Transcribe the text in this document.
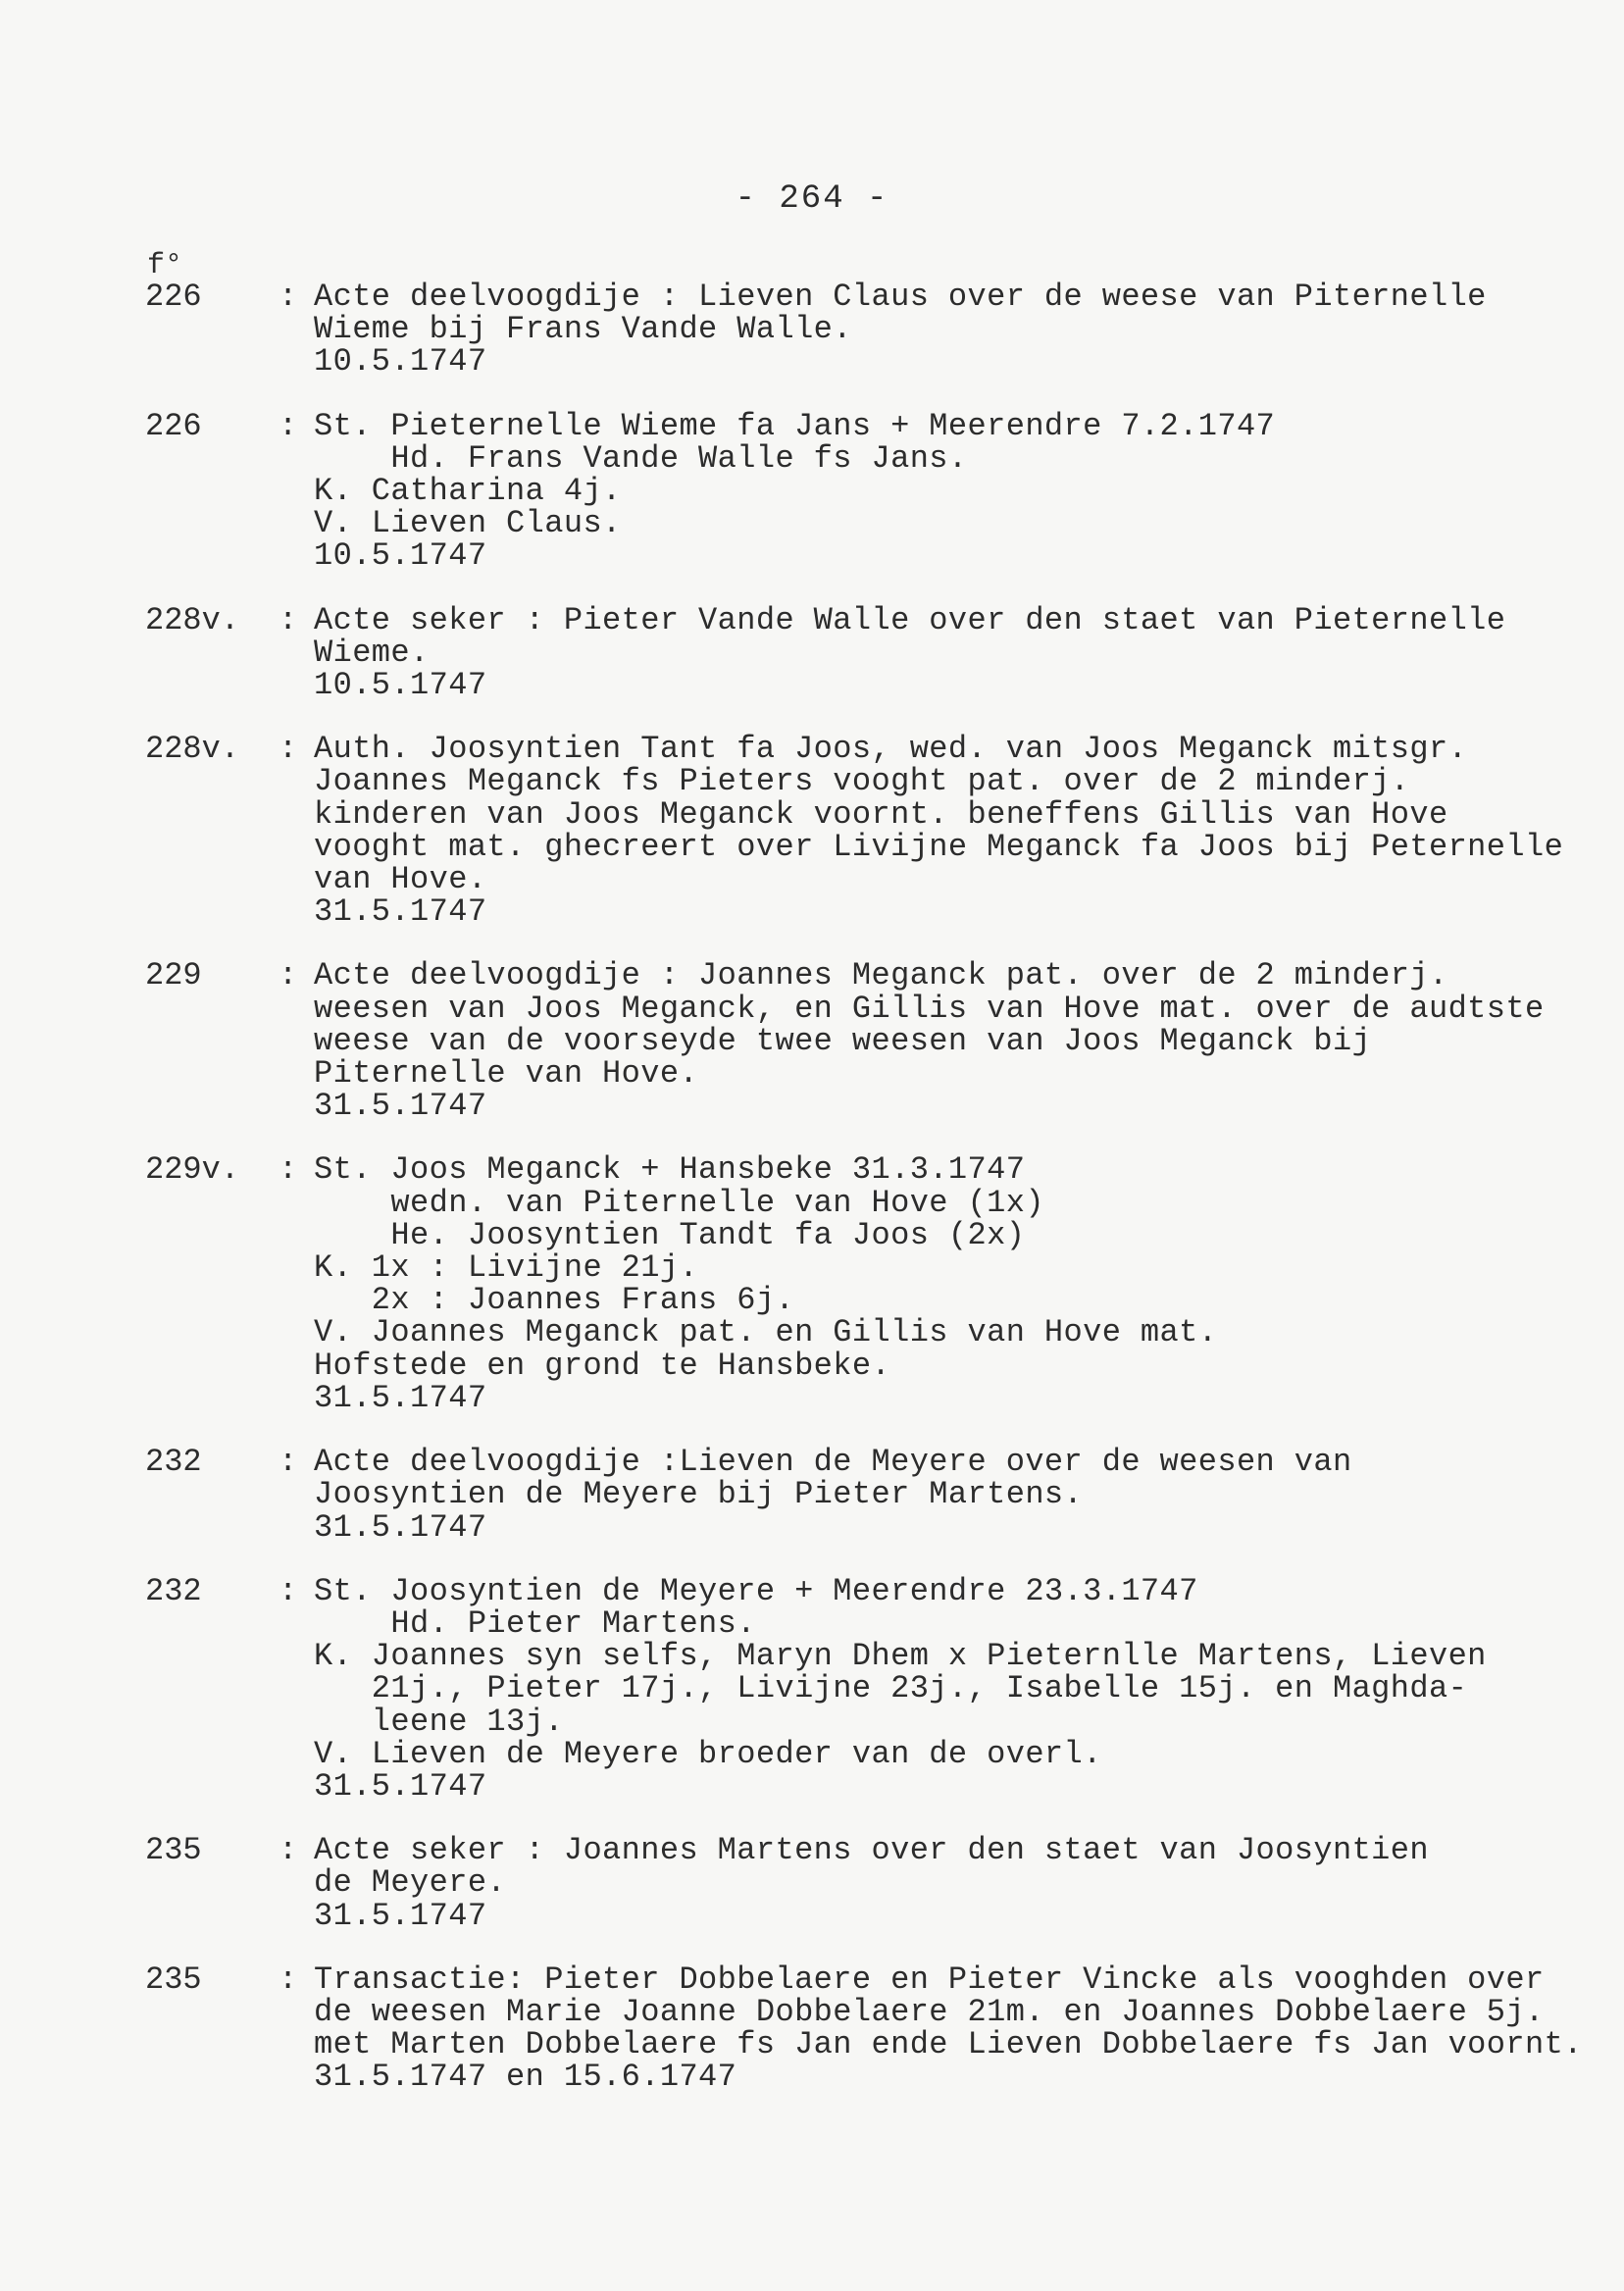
- 264 -
f°
226	: Acte deelvoogdije : Lieven Claus over de weese van Piternelle
Wieme bij Frans Vande Walle.
10.5.1747
226	: St. Pieternelle Wieme fa Jans + Meerendre 7.2.1747
Hd. Frans Vande Walle fs Jans.
K. Catharina 4j.
V. Lieven Claus.
10.5.1747
228v.	: Acte seker : Pieter Vande Walle over den staet van Pieternelle
Wieme.
10.5.1747
228v.	: Auth. Joosyntien Tant fa Joos, wed. van Joos Meganck mitsgr.
Joannes Meganck fs Pieters vooght pat. over de 2 minderj.
kinderen van Joos Meganck voornt. beneffens Gillis van Hove
vooght mat. ghecreert over Livijne Meganck fa Joos bij Peternelle
van Hove.
31.5.1747
229	: Acte deelvoogdije : Joannes Meganck pat. over de 2 minderj.
weesen van Joos Meganck, en Gillis van Hove mat. over de audtste
weese van de voorseyde twee weesen van Joos Meganck bij
Piternelle van Hove.
31.5.1747
229v.	: St. Joos Meganck + Hansbeke 31.3.1747
wedn. van Piternelle van Hove (1x)
He. Joosyntien Tandt fa Joos (2x)
K. 1x : Livijne 21j.
2x : Joannes Frans 6j.
V. Joannes Meganck pat. en Gillis van Hove mat.
Hofstede en grond te Hansbeke.
31.5.1747
232	: Acte deelvoogdije :Lieven de Meyere over de weesen van
Joosyntien de Meyere bij Pieter Martens.
31.5.1747
232	: St. Joosyntien de Meyere + Meerendre 23.3.1747
Hd. Pieter Martens.
K. Joannes syn selfs, Maryn Dhem x Pieternlle Martens, Lieven
21j., Pieter 17j., Livijne 23j., Isabelle 15j. en Maghda-
leene 13j.
V. Lieven de Meyere broeder van de overl.
31.5.1747
235	: Acte seker : Joannes Martens over den staet van Joosyntien
de Meyere.
31.5.1747
235	: Transactie: Pieter Dobbelaere en Pieter Vincke als vooghden over
de weesen Marie Joanne Dobbelaere 21m. en Joannes Dobbelaere 5j.
met Marten Dobbelaere fs Jan ende Lieven Dobbelaere fs Jan voornt.
31.5.1747 en 15.6.1747
